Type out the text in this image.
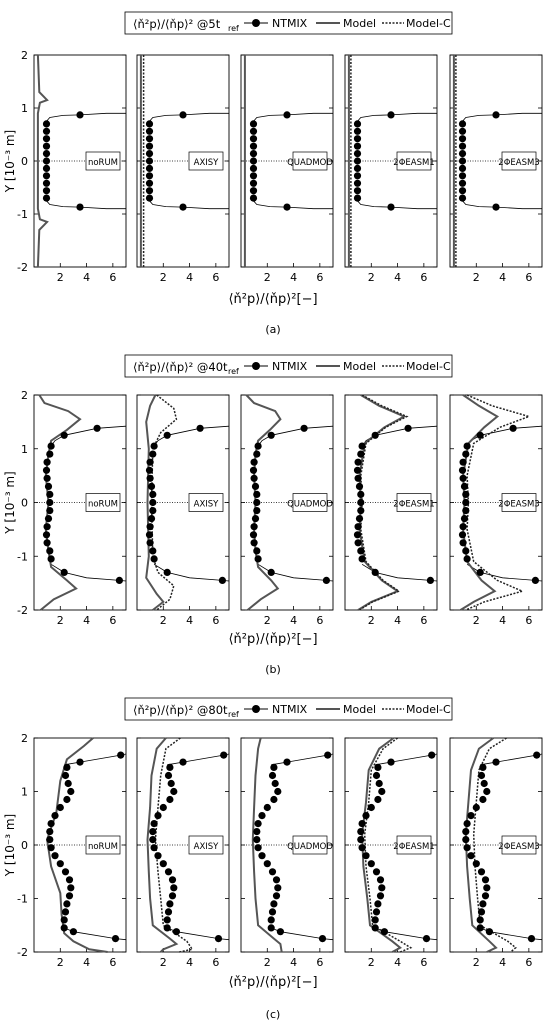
⟨ň²p⟩/⟨ňp⟩² @5t ref	NTMIX	Model	Model-C
Y [10⁻³ m]
-2
-1
0
1
2
2 4 6
noRUM
2 4 6
AXISY
2 4 6
QUADMOD
2 4 6
2ΦEASM1
2 4 6
2ΦEASM3
⟨ň²p⟩/⟨ňp⟩²[−]
(a)
⟨ň²p⟩/⟨ňp⟩² @40t ref	NTMIX	Model	Model-C
Y [10⁻³ m]
-2
-1
0
1
2
2 4 6
noRUM
2 4 6
AXISY
2 4 6
QUADMOD
2 4 6
2ΦEASM1
2 4 6
2ΦEASM3
⟨ň²p⟩/⟨ňp⟩²[−]
(b)
⟨ň²p⟩/⟨ňp⟩² @80t ref	NTMIX	Model	Model-C
Y [10⁻³ m]
-2
-1
0
1
2
2 4 6
noRUM
2 4 6
AXISY
2 4 6
QUADMOD
2 4 6
2ΦEASM1
2 4 6
2ΦEASM3
⟨ň²p⟩/⟨ňp⟩²[−]
(c)
